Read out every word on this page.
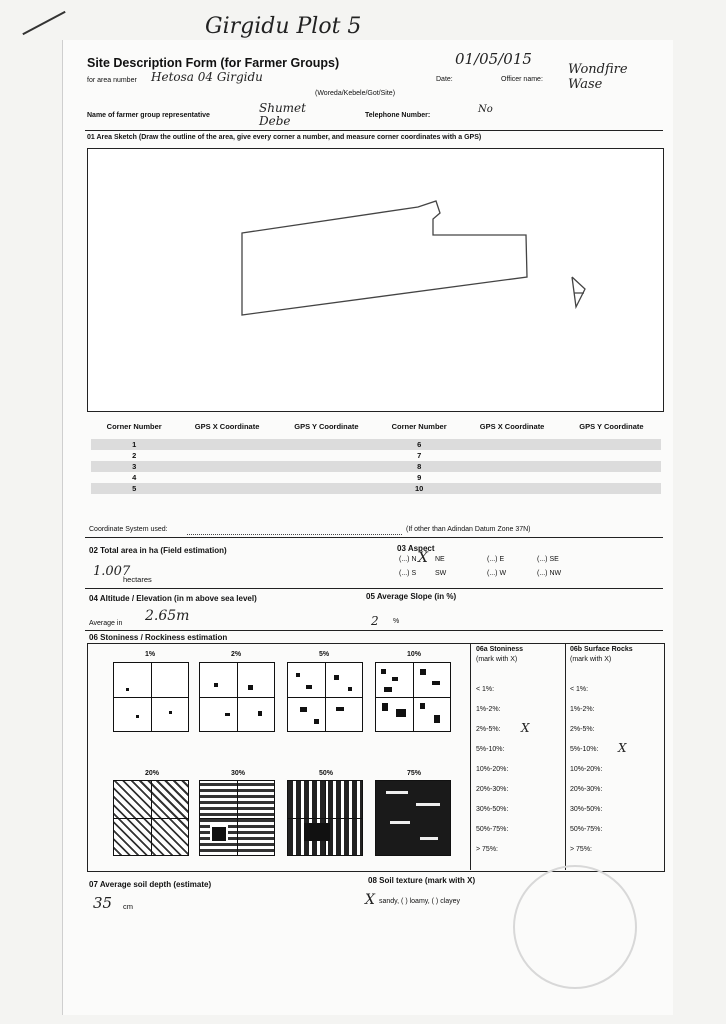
Girgidu Plot 5
Site Description Form (for Farmer Groups)
for area number Hetosa 04 Girgidu
(Woreda/Kebele/Got/Site)
Date:
01/05/015
Officer name:
Wondfire Wase
Name of farmer group representative
Shumet Debe	Telephone Number:
No
01 Area Sketch (Draw the outline of the area, give every corner a number, and measure corner coordinates with a GPS)
Corner Number	GPS X Coordinate	GPS Y Coordinate	Corner Number	GPS X Coordinate	GPS Y Coordinate
1			6		
2			7		
3			8		
4			9		
5			10		
Coordinate System used:	(If other than Adindan Datum Zone 37N)
02 Total area in ha (Field estimation)
1.007
hectares
03 Aspect
(...) N	NE	(...) E	(...) SE
(...) S	SW	(...) W	(...) NW
X
04 Altitude / Elevation (in m above sea level)
Average in 2.65m
05 Average Slope (in %)
2 %
06 Stoniness / Rockiness estimation
1%	2%	5%	10%
20%	30%	50%	75%
06a Stoniness
(mark with X)
06b Surface Rocks
(mark with X)
< 1%:	< 1%:
1%-2%:	1%-2%:
2%-5%:	2%-5%:
5%-10%:	5%-10%:
10%-20%:	10%-20%:
20%-30%:	20%-30%:
30%-50%:	30%-50%:
50%-75%:	50%-75%:
> 75%:	> 75%:
X
X
07 Average soil depth (estimate)
35 cm
08 Soil texture (mark with X)
X sandy, ( ) loamy, ( ) clayey
